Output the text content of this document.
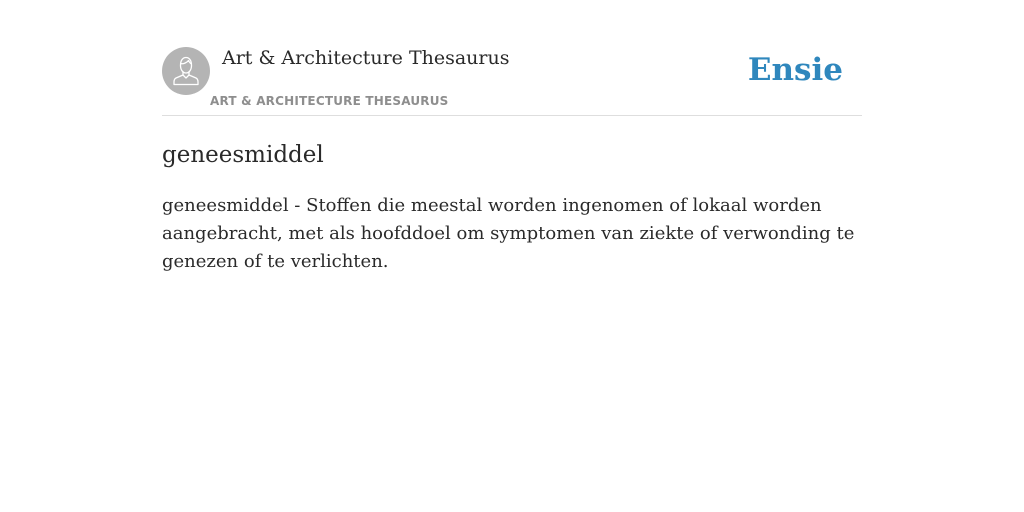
Art & Architecture Thesaurus
ART & ARCHITECTURE THESAURUS
Ensie
geneesmiddel

geneesmiddel - Stoffen die meestal worden ingenomen of lokaal worden aangebracht, met als hoofddoel om symptomen van ziekte of verwonding te genezen of te verlichten.
